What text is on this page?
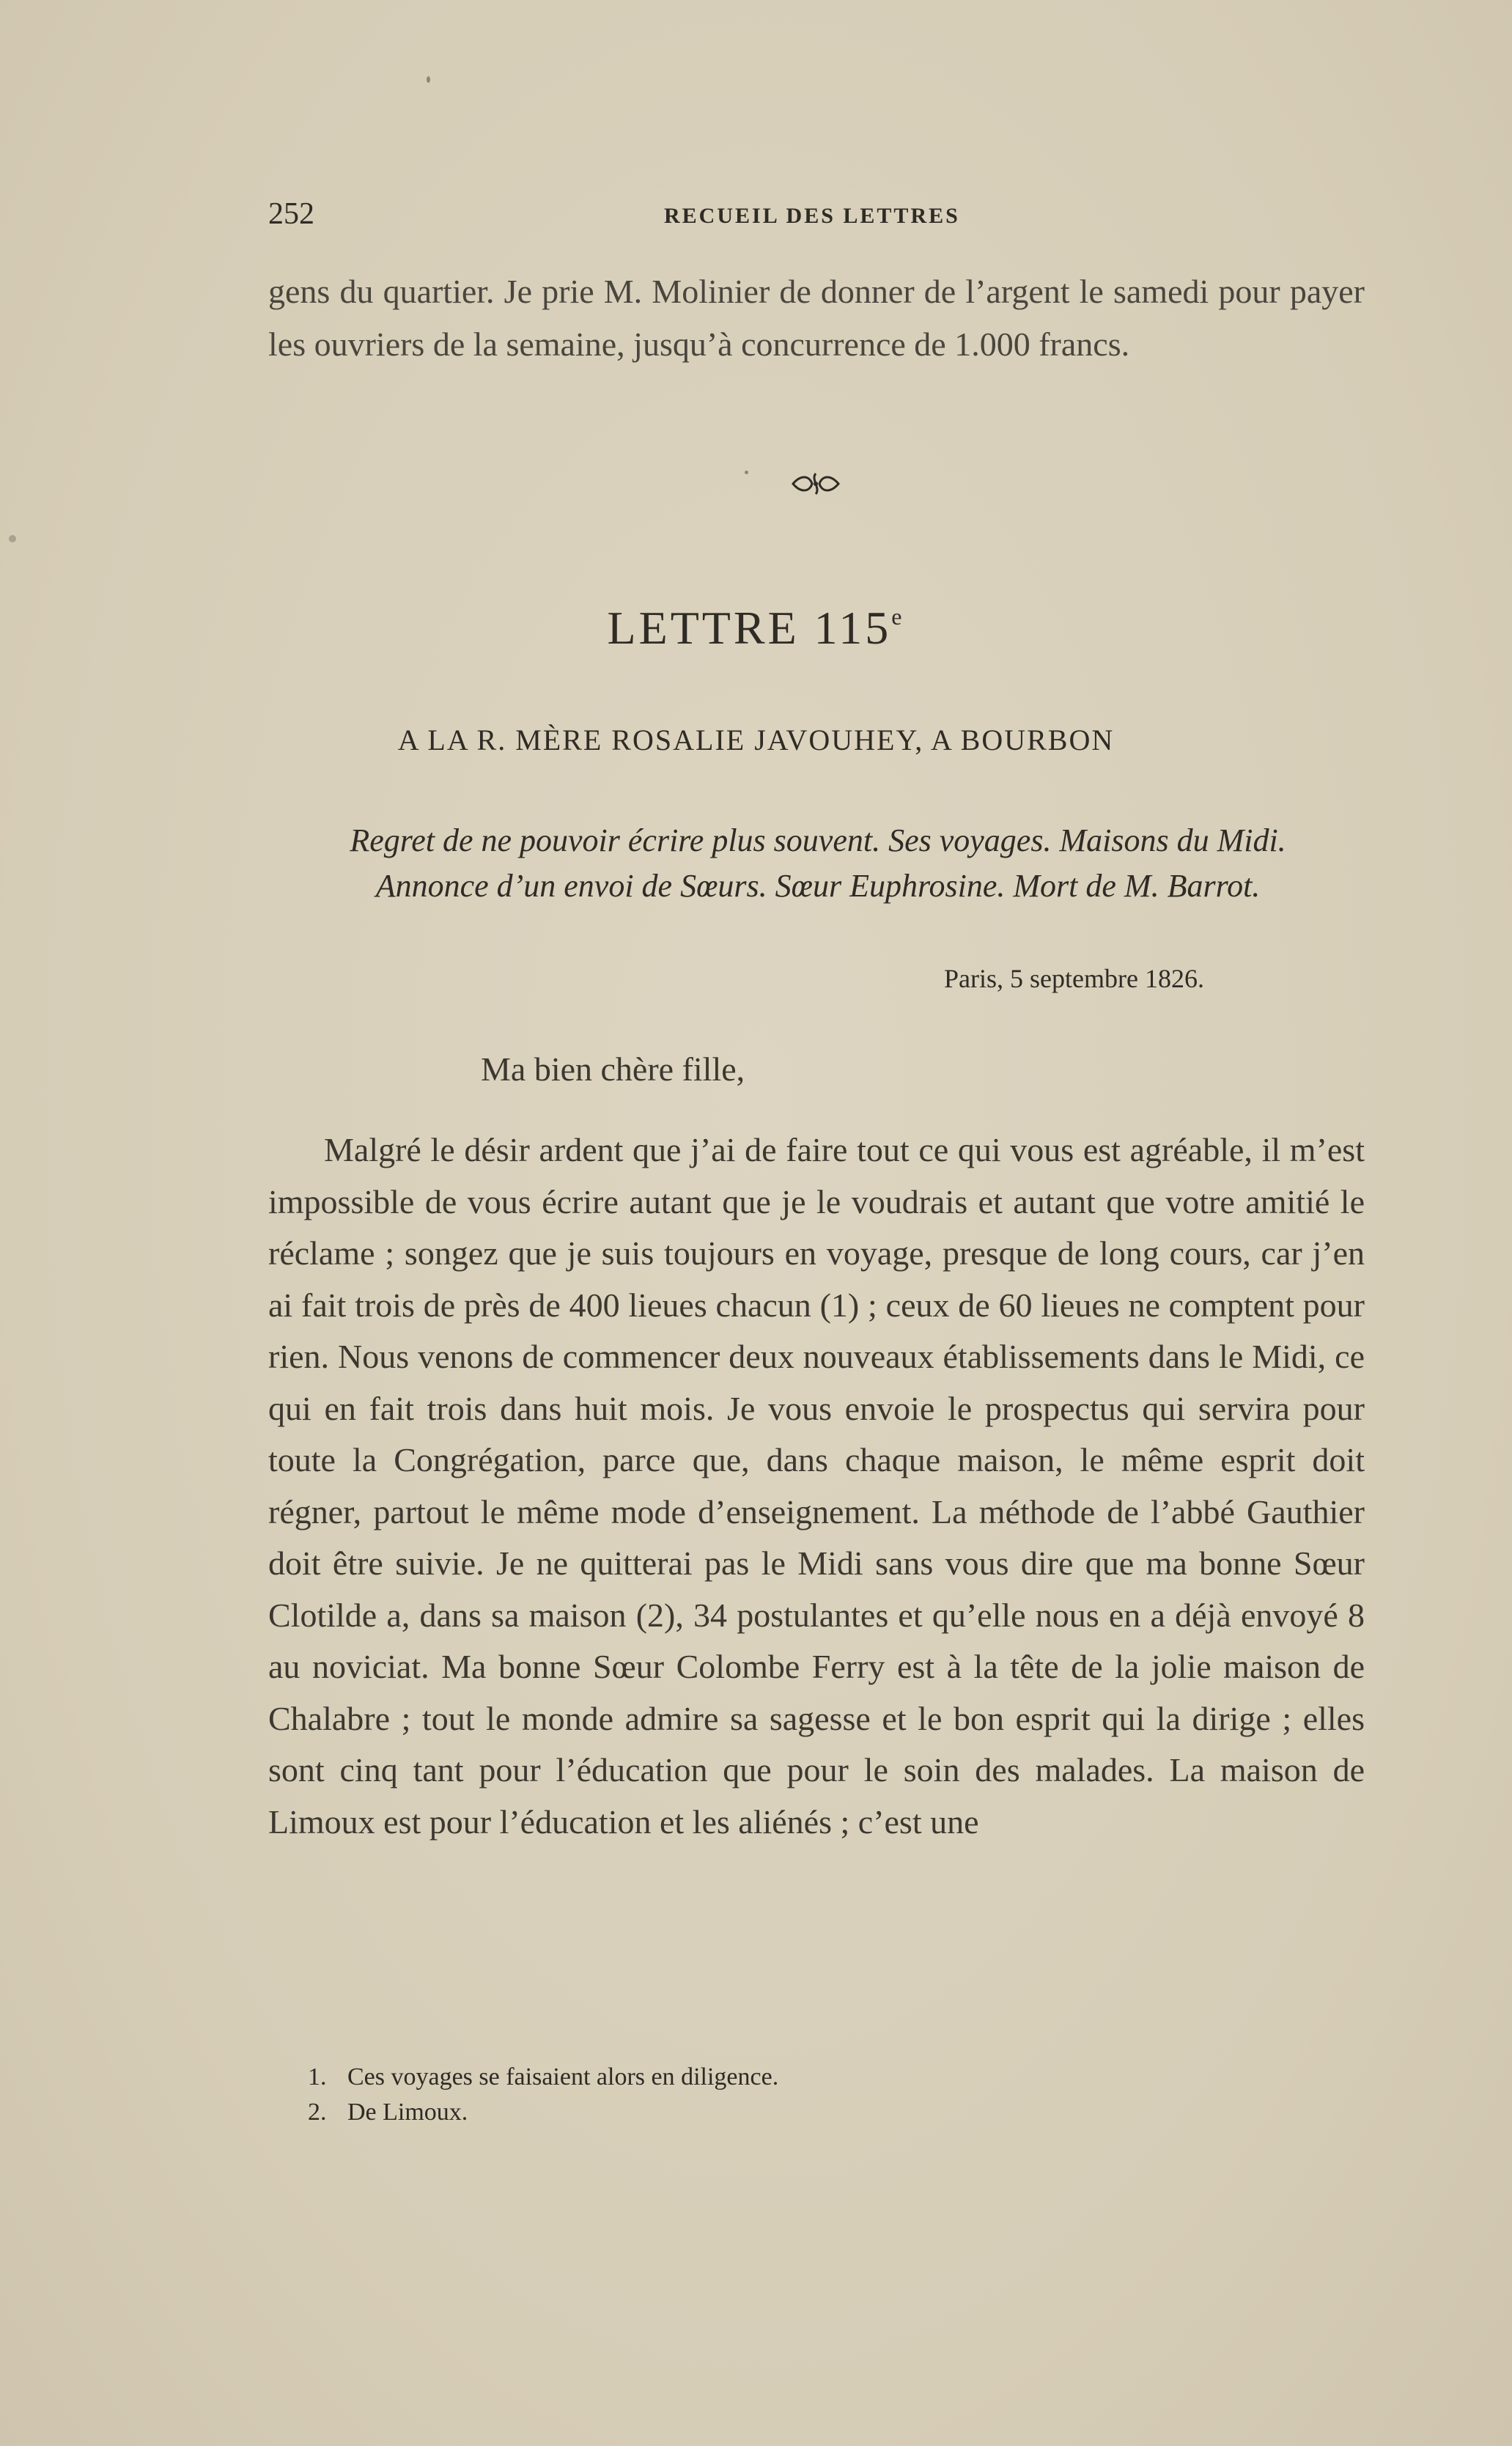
252	RECUEIL DES LETTRES
gens du quartier. Je prie M. Molinier de donner de l’argent le samedi pour payer les ouvriers de la semaine, jusqu’à concurrence de 1.000 francs.
LETTRE 115e
A LA R. MÈRE ROSALIE JAVOUHEY, A BOURBON
Regret de ne pouvoir écrire plus souvent. Ses voyages. Maisons du Midi.
Annonce d’un envoi de Sœurs. Sœur Euphrosine. Mort de M. Barrot.
Paris, 5 septembre 1826.
Ma bien chère fille,
Malgré le désir ardent que j’ai de faire tout ce qui vous est agréable, il m’est impossible de vous écrire autant que je le voudrais et autant que votre amitié le réclame ; songez que je suis toujours en voyage, presque de long cours, car j’en ai fait trois de près de 400 lieues chacun (1) ; ceux de 60 lieues ne comptent pour rien. Nous venons de commencer deux nouveaux établissements dans le Midi, ce qui en fait trois dans huit mois. Je vous envoie le prospectus qui servira pour toute la Congrégation, parce que, dans chaque maison, le même esprit doit régner, partout le même mode d’enseignement. La méthode de l’abbé Gauthier doit être suivie. Je ne quitterai pas le Midi sans vous dire que ma bonne Sœur Clotilde a, dans sa maison (2), 34 postulantes et qu’elle nous en a déjà envoyé 8 au noviciat. Ma bonne Sœur Colombe Ferry est à la tête de la jolie maison de Chalabre ; tout le monde admire sa sagesse et le bon esprit qui la dirige ; elles sont cinq tant pour l’éducation que pour le soin des malades. La maison de Limoux est pour l’éducation et les aliénés ; c’est une
1. Ces voyages se faisaient alors en diligence.
2. De Limoux.
